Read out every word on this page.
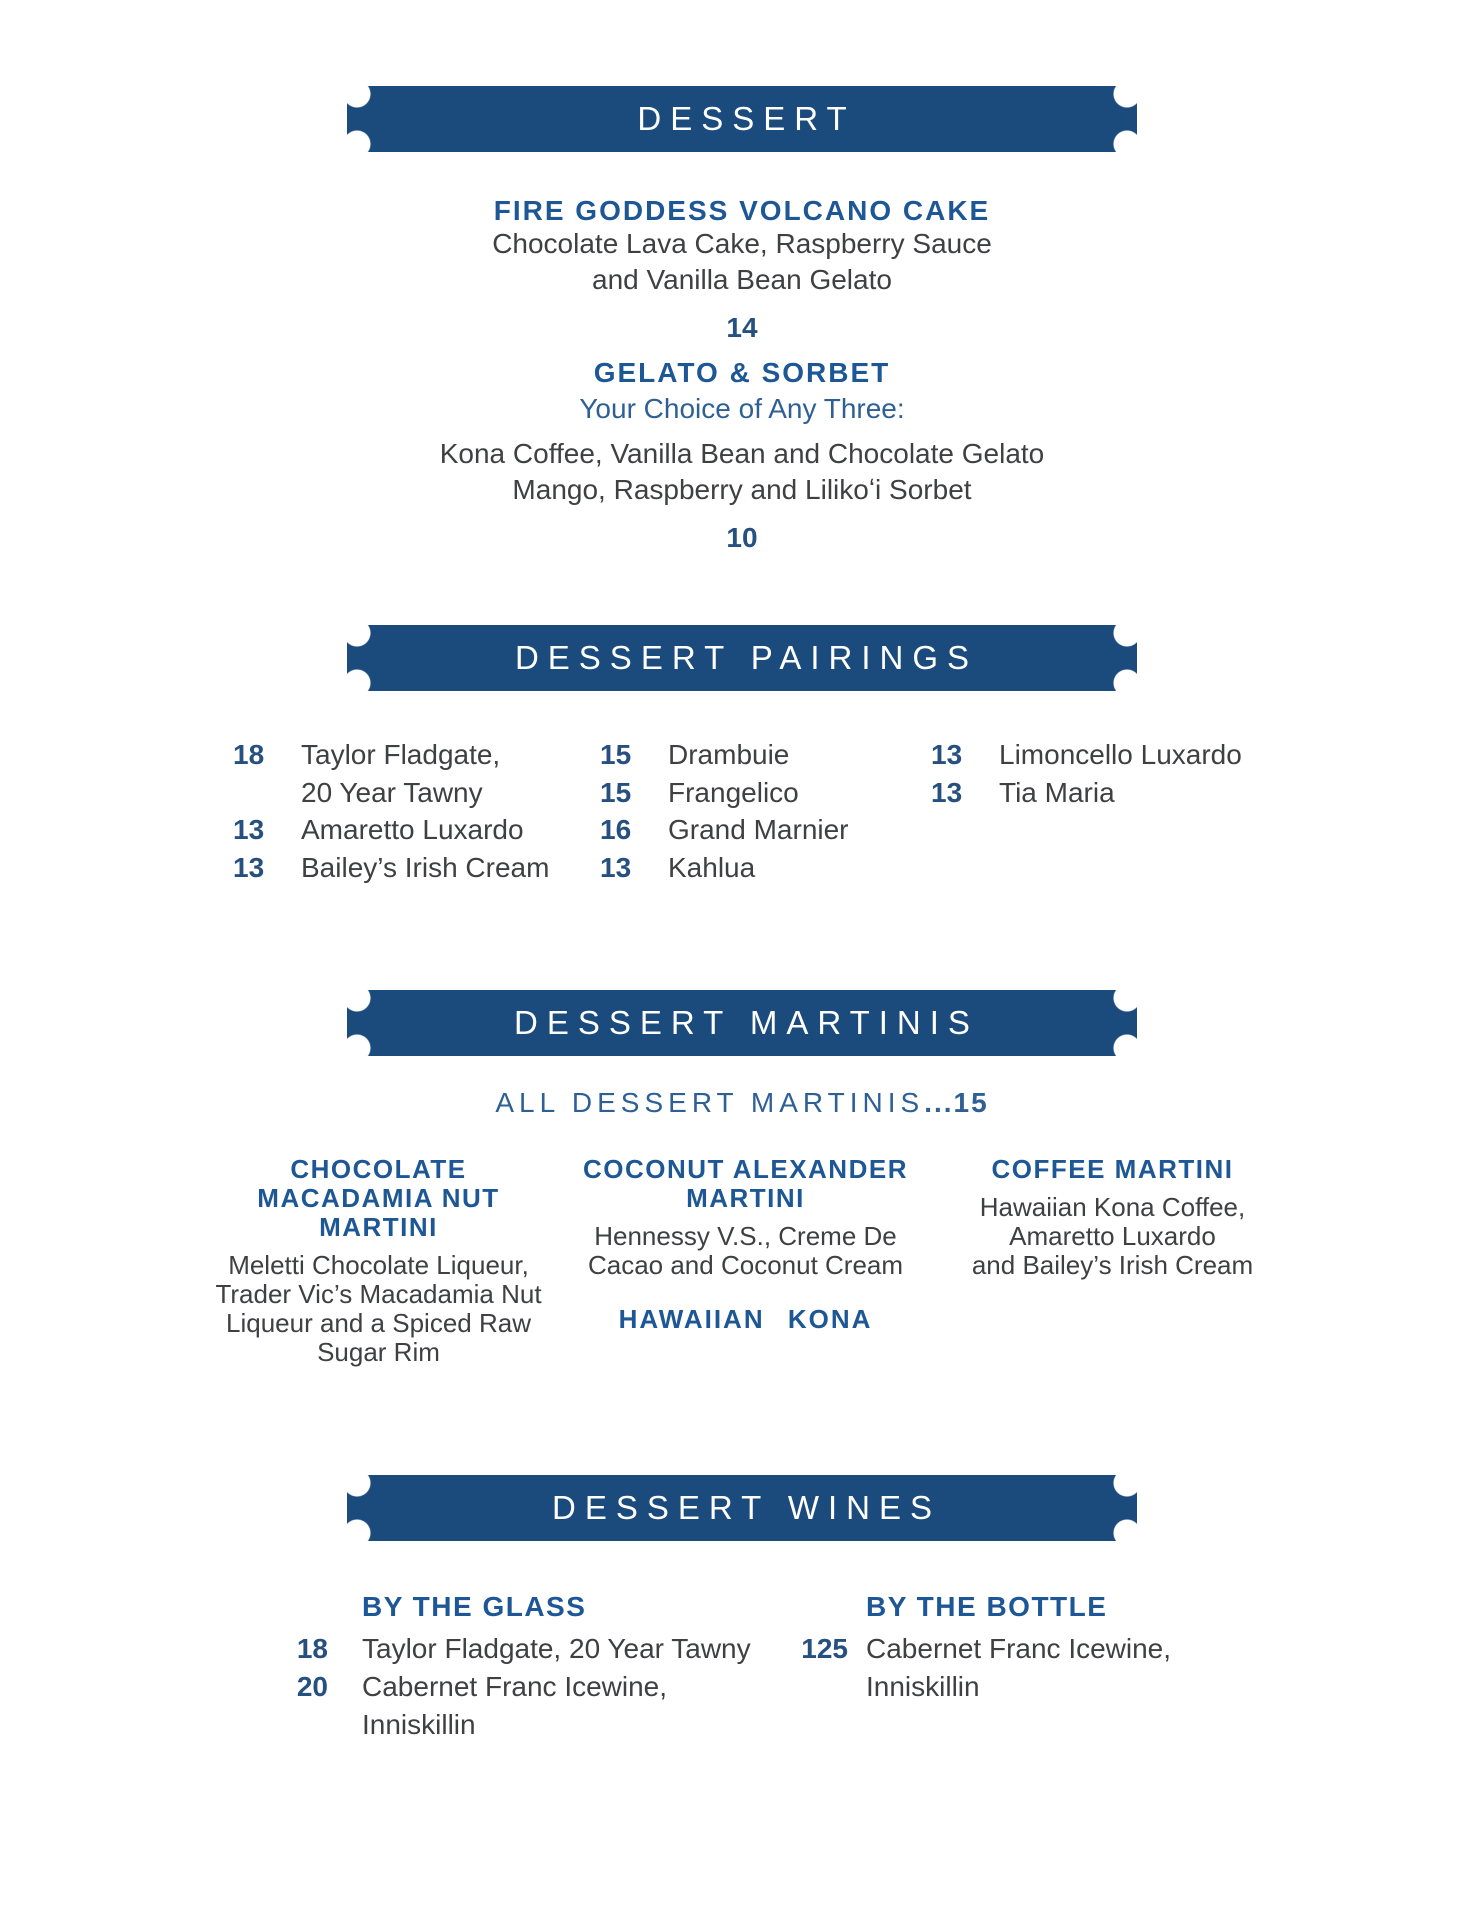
DESSERT
FIRE GODDESS VOLCANO CAKE
Chocolate Lava Cake, Raspberry Sauce
and Vanilla Bean Gelato
14
GELATO & SORBET
Your Choice of Any Three:
Kona Coffee, Vanilla Bean and Chocolate Gelato
Mango, Raspberry and Lilikoʻi Sorbet
10
DESSERT PAIRINGS
18 Taylor Fladgate,
20 Year Tawny
13 Amaretto Luxardo
13 Bailey’s Irish Cream
15 Drambuie
15 Frangelico
16 Grand Marnier
13 Kahlua
13 Limoncello Luxardo
13 Tia Maria
DESSERT MARTINIS
ALL DESSERT MARTINIS...15
CHOCOLATE
MACADAMIA NUT
MARTINI
Meletti Chocolate Liqueur,
Trader Vic’s Macadamia Nut
Liqueur and a Spiced Raw
Sugar Rim
COCONUT ALEXANDER
MARTINI
Hennessy V.S., Creme De
Cacao and Coconut Cream
HAWAIIAN KONA
COFFEE MARTINI
Hawaiian Kona Coffee,
Amaretto Luxardo
and Bailey’s Irish Cream
DESSERT WINES
BY THE GLASS
18 Taylor Fladgate, 20 Year Tawny
20 Cabernet Franc Icewine,
Inniskillin
BY THE BOTTLE
125 Cabernet Franc Icewine,
Inniskillin
